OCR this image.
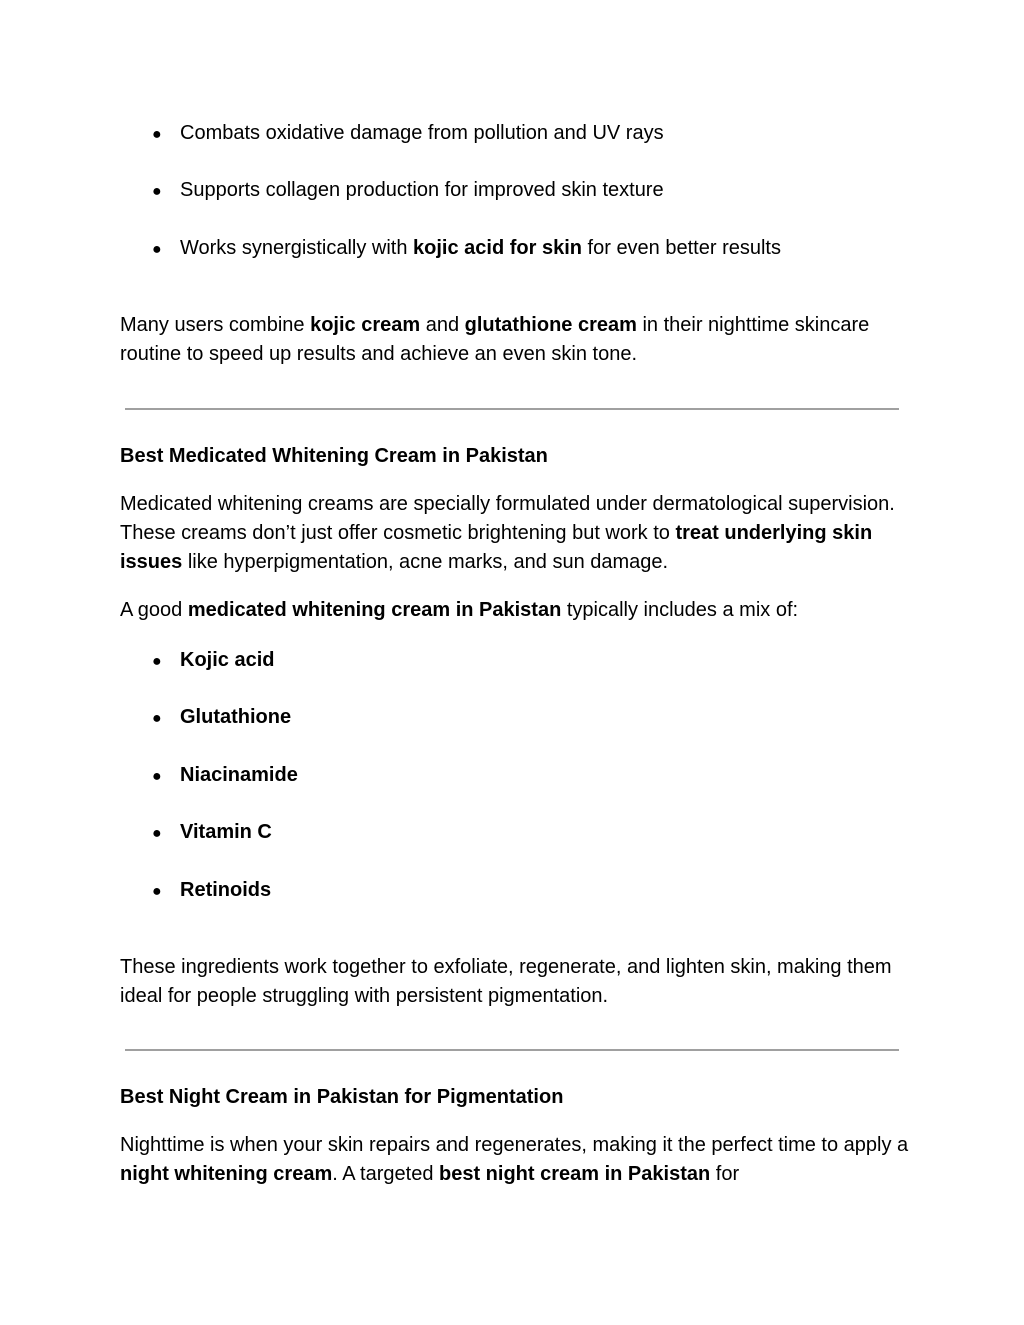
● Combats oxidative damage from pollution and UV rays
● Supports collagen production for improved skin texture
● Works synergistically with kojic acid for skin for even better results

Many users combine kojic cream and glutathione cream in their nighttime skincare routine to speed up results and achieve an even skin tone.

Best Medicated Whitening Cream in Pakistan

Medicated whitening creams are specially formulated under dermatological supervision. These creams don’t just offer cosmetic brightening but work to treat underlying skin issues like hyperpigmentation, acne marks, and sun damage.

A good medicated whitening cream in Pakistan typically includes a mix of:

● Kojic acid
● Glutathione
● Niacinamide
● Vitamin C
● Retinoids

These ingredients work together to exfoliate, regenerate, and lighten skin, making them ideal for people struggling with persistent pigmentation.

Best Night Cream in Pakistan for Pigmentation

Nighttime is when your skin repairs and regenerates, making it the perfect time to apply a night whitening cream. A targeted best night cream in Pakistan for
